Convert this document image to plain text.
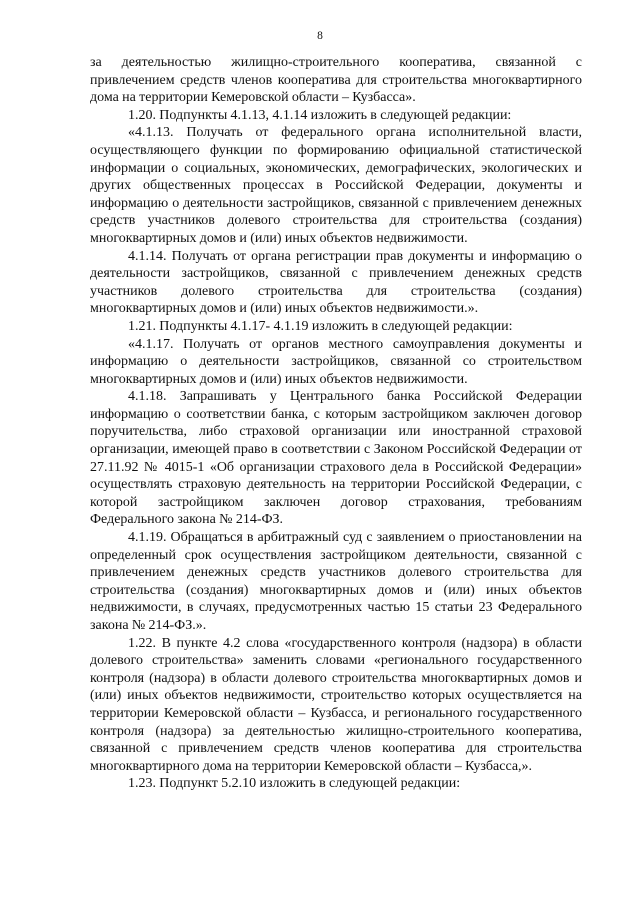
8

за деятельностью жилищно-строительного кооператива, связанной с привлечением средств членов кооператива для строительства многоквартирного дома на территории Кемеровской области – Кузбасса».

1.20. Подпункты 4.1.13, 4.1.14 изложить в следующей редакции:

«4.1.13. Получать от федерального органа исполнительной власти, осуществляющего функции по формированию официальной статистической информации о социальных, экономических, демографических, экологических и других общественных процессах в Российской Федерации, документы и информацию о деятельности застройщиков, связанной с привлечением денежных средств участников долевого строительства для строительства (создания) многоквартирных домов и (или) иных объектов недвижимости.

4.1.14. Получать от органа регистрации прав документы и информацию о деятельности застройщиков, связанной с привлечением денежных средств участников долевого строительства для строительства (создания) многоквартирных домов и (или) иных объектов недвижимости.».

1.21. Подпункты 4.1.17- 4.1.19 изложить в следующей редакции:

«4.1.17. Получать от органов местного самоуправления документы и информацию о деятельности застройщиков, связанной со строительством многоквартирных домов и (или) иных объектов недвижимости.

4.1.18. Запрашивать у Центрального банка Российской Федерации информацию о соответствии банка, с которым застройщиком заключен договор поручительства, либо страховой организации или иностранной страховой организации, имеющей право в соответствии с Законом Российской Федерации от 27.11.92 № 4015-1 «Об организации страхового дела в Российской Федерации» осуществлять страховую деятельность на территории Российской Федерации, с которой застройщиком заключен договор страхования, требованиям Федерального закона № 214-ФЗ.

4.1.19. Обращаться в арбитражный суд с заявлением о приостановлении на определенный срок осуществления застройщиком деятельности, связанной с привлечением денежных средств участников долевого строительства для строительства (создания) многоквартирных домов и (или) иных объектов недвижимости, в случаях, предусмотренных частью 15 статьи 23 Федерального закона № 214-ФЗ.».

1.22. В пункте 4.2 слова «государственного контроля (надзора) в области долевого строительства» заменить словами «регионального государственного контроля (надзора) в области долевого строительства многоквартирных домов и (или) иных объектов недвижимости, строительство которых осуществляется на территории Кемеровской области – Кузбасса, и регионального государственного контроля (надзора) за деятельностью жилищно-строительного кооператива, связанной с привлечением средств членов кооператива для строительства многоквартирного дома на территории Кемеровской области – Кузбасса,».

1.23. Подпункт 5.2.10 изложить в следующей редакции:
